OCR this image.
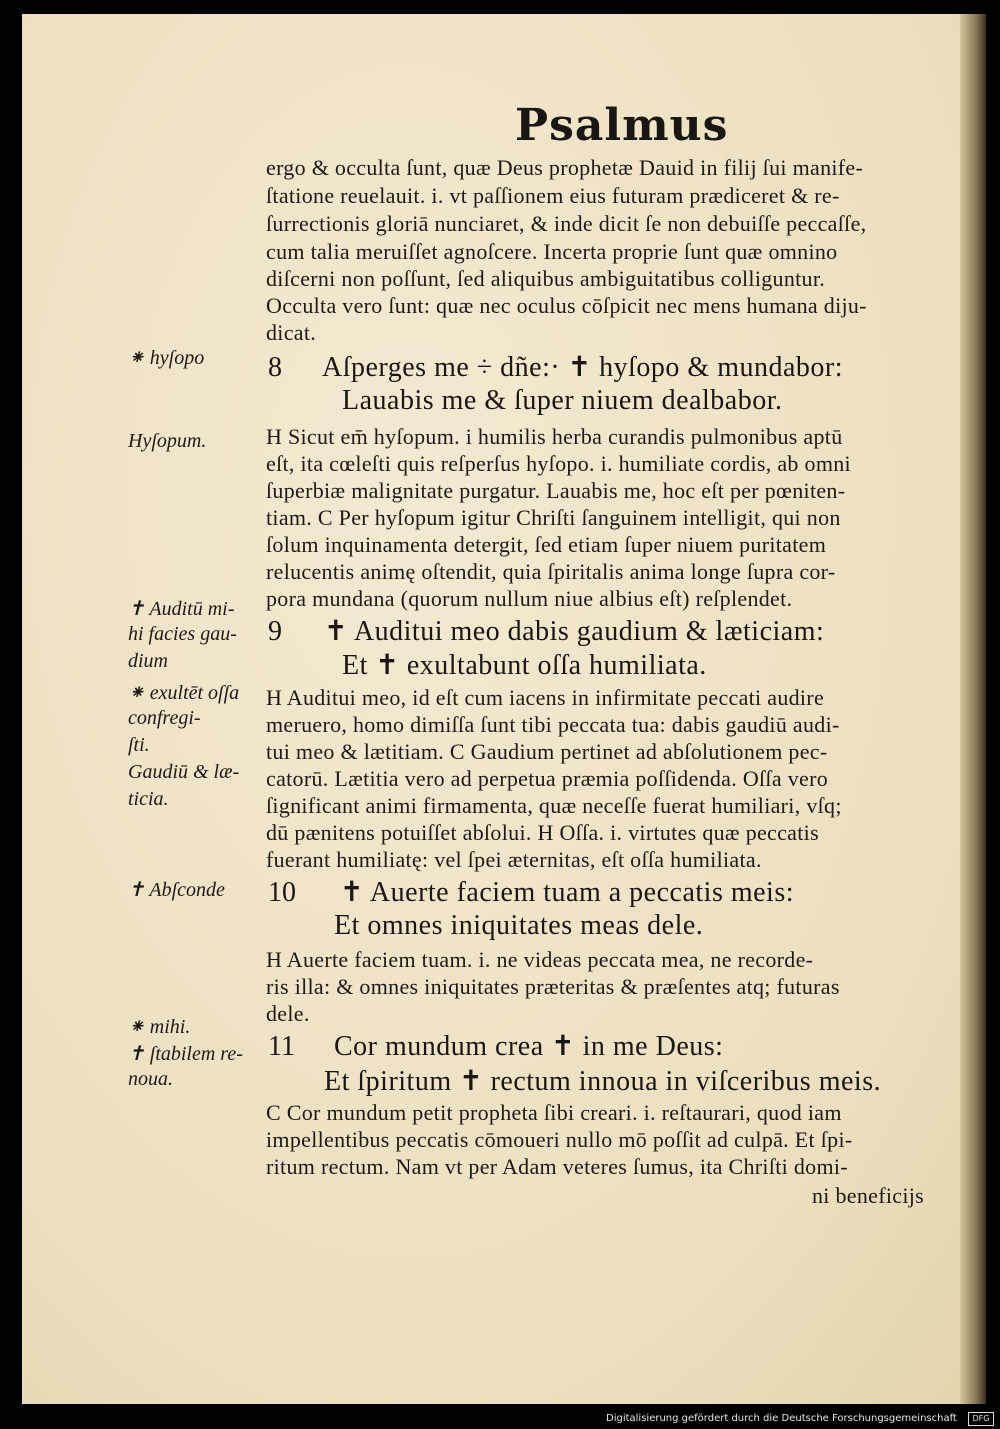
Psalmus
ergo & occulta ſunt, quæ Deus prophetæ Dauid in filij ſui manife-
ſtatione reuelauit. i. vt paſſionem eius futuram prædiceret & re-
ſurrectionis gloriā nunciaret, & inde dicit ſe non debuiſſe peccaſſe,
cum talia meruiſſet agnoſcere. Incerta proprie ſunt quæ omnino
diſcerni non poſſunt, ſed aliquibus ambiguitatibus colliguntur.
Occulta vero ſunt: quæ nec oculus cōſpicit nec mens humana diju-
dicat.
8 Aſperges me ÷ dñe:· ✝ hyſopo & mundabor:
Lauabis me & ſuper niuem dealbabor.
H Sicut em̄ hyſopum. i humilis herba curandis pulmonibus aptū
eſt, ita cœleſti quis reſperſus hyſopo. i. humiliate cordis, ab omni
ſuperbiæ malignitate purgatur. Lauabis me, hoc eſt per pœniten-
tiam. C Per hyſopum igitur Chriſti ſanguinem intelligit, qui non
ſolum inquinamenta detergit, ſed etiam ſuper niuem puritatem
relucentis animę oſtendit, quia ſpiritalis anima longe ſupra cor-
pora mundana (quorum nullum niue albius eſt) reſplendet.
9 ✝ Auditui meo dabis gaudium & læticiam:
Et ✝ exultabunt oſſa humiliata.
H Auditui meo, id eſt cum iacens in infirmitate peccati audire
meruero, homo dimiſſa ſunt tibi peccata tua: dabis gaudiū audi-
tui meo & lætitiam. C Gaudium pertinet ad abſolutionem pec-
catorū. Lætitia vero ad perpetua præmia poſſidenda. Oſſa vero
ſignificant animi firmamenta, quæ neceſſe fuerat humiliari, vſq;
dū pænitens potuiſſet abſolui. H Oſſa. i. virtutes quæ peccatis
fuerant humiliatę: vel ſpei æternitas, eſt oſſa humiliata.
10 ✝ Auerte faciem tuam a peccatis meis:
Et omnes iniquitates meas dele.
H Auerte faciem tuam. i. ne videas peccata mea, ne recorde-
ris illa: & omnes iniquitates præteritas & præſentes atq; futuras
dele.
11 Cor mundum crea ✝ in me Deus:
Et ſpiritum ✝ rectum innoua in viſceribus meis.
C Cor mundum petit propheta ſibi creari. i. reſtaurari, quod iam
impellentibus peccatis cōmoueri nullo mō poſſit ad culpā. Et ſpi-
ritum rectum. Nam vt per Adam veteres ſumus, ita Chriſti domi-
ni beneficijs
⁕ hyſopo
Hyſopum.
✝ Auditū mi-
hi facies gau-
dium
⁕ exultēt oſſa
confregi-
ſti.
Gaudiū & læ-
ticia.
✝ Abſconde
⁕ mihi.
✝ ſtabilem re-
noua.
Digitalisierung gefördert durch die Deutsche Forschungsgemeinschaft	DFG
